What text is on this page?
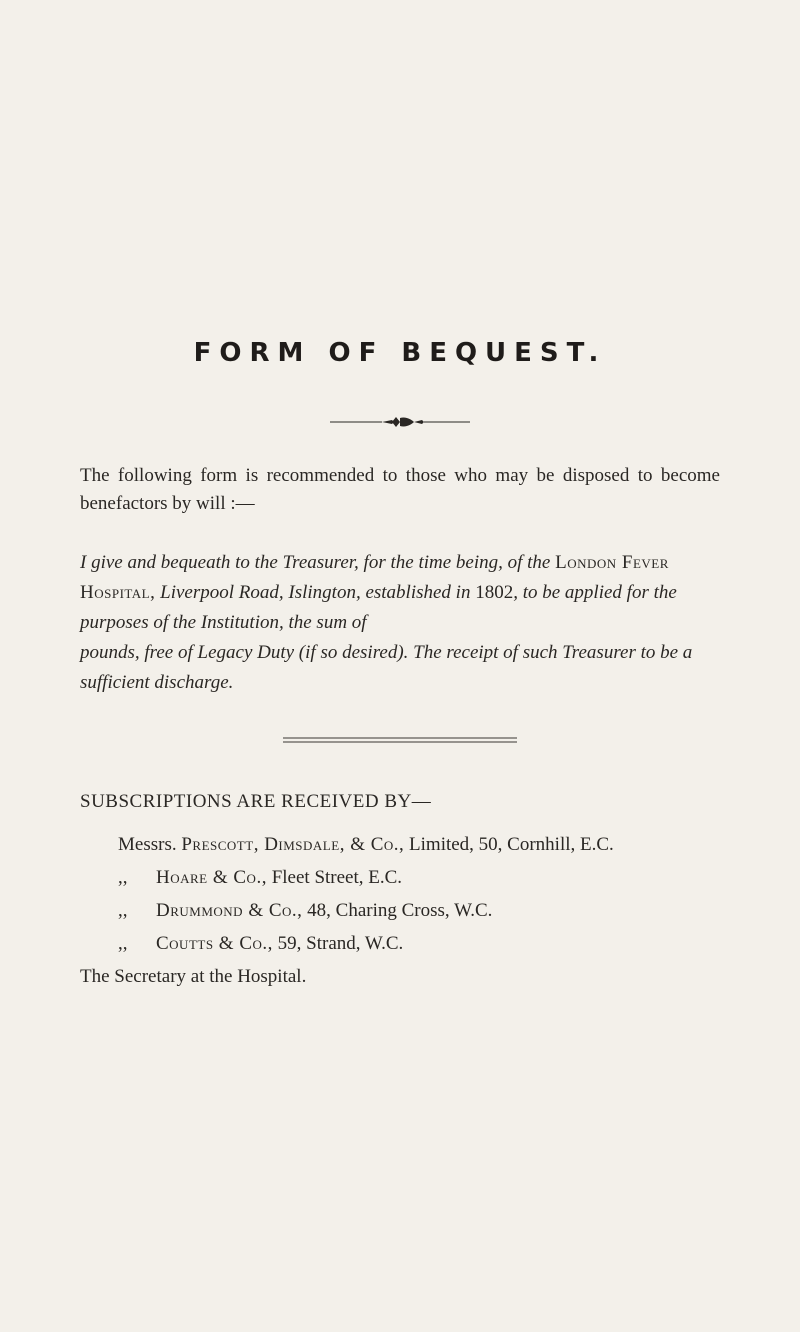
FORM OF BEQUEST.
The following form is recommended to those who may be disposed to become benefactors by will :—
I give and bequeath to the Treasurer, for the time being, of the London Fever Hospital, Liverpool Road, Islington, established in 1802, to be applied for the purposes of the Institution, the sum of
pounds, free of Legacy Duty (if so desired). The receipt of such Treasurer to be a sufficient discharge.
SUBSCRIPTIONS ARE RECEIVED BY—
Messrs. Prescott, Dimsdale, & Co., Limited, 50, Cornhill, E.C.
,, Hoare & Co., Fleet Street, E.C.
,, Drummond & Co., 48, Charing Cross, W.C.
,, Coutts & Co., 59, Strand, W.C.
The Secretary at the Hospital.
